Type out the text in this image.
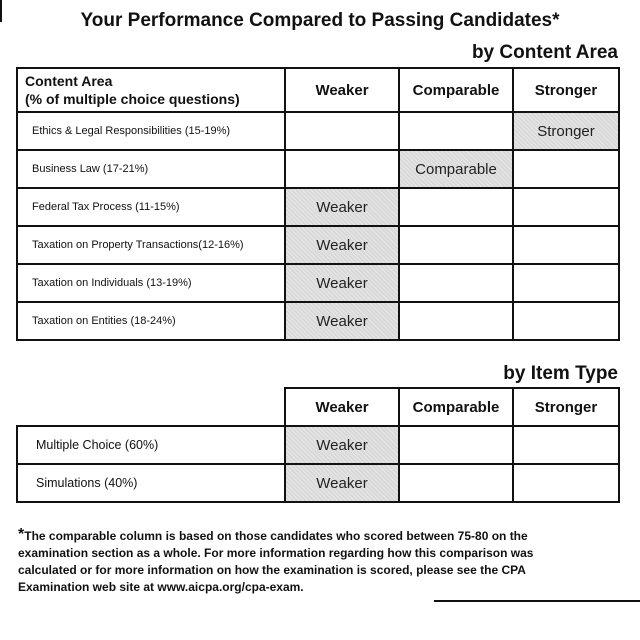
Your Performance Compared to Passing Candidates*
by Content Area
Content Area
(% of multiple choice questions)	Weaker	Comparable	Stronger
Ethics & Legal Responsibilities (15-19%)			Stronger
Business Law (17-21%)		Comparable	
Federal Tax Process (11-15%)	Weaker		
Taxation on Property Transactions(12-16%)	Weaker		
Taxation on Individuals (13-19%)	Weaker		
Taxation on Entities (18-24%)	Weaker		
by Item Type
	Weaker	Comparable	Stronger
Multiple Choice (60%)	Weaker		
Simulations (40%)	Weaker		
*The comparable column is based on those candidates who scored between 75-80 on the examination section as a whole. For more information regarding how this comparison was calculated or for more information on how the examination is scored, please see the CPA Examination web site at www.aicpa.org/cpa-exam.
